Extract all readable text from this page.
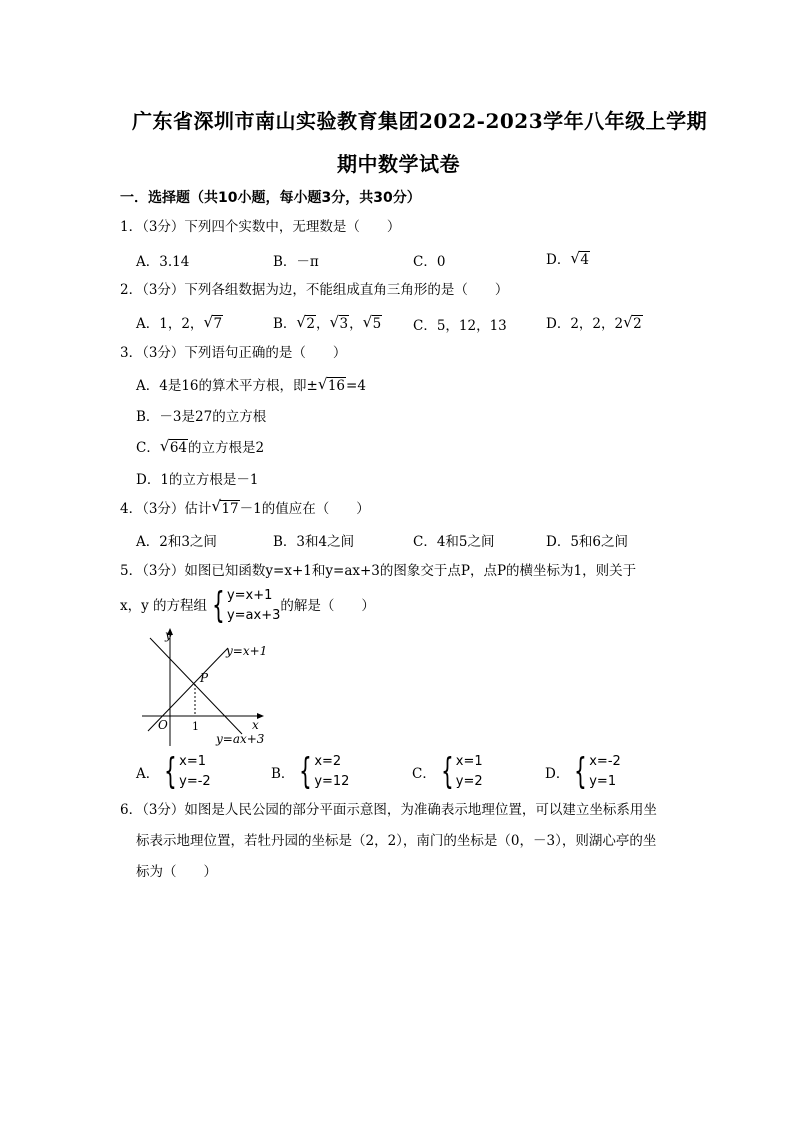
广东省深圳市南山实验教育集团2022-2023学年八年级上学期
期中数学试卷
一．选择题（共10小题，每小题3分，共30分）
1．（3分）下列四个实数中，无理数是（　　）
A．3.14	B．－π	C．0	D． √ 4
2．（3分）下列各组数据为边，不能组成直角三角形的是（　　）
A．1，2， √ 7	B． √ 2， √ 3， √ 5 C．5，12，13	D．2，2，2 √ 2
3．（3分）下列语句正确的是（　　）
A．4是16的算术平方根，即± √ 16=4
B．－3是27的立方根
C． √ 64的立方根是2
D．1的立方根是－1
4．（3分）估计 √ 17－1的值应在（　　）
A．2和3之间	B．3和4之间	C．4和5之间	D．5和6之间
5．（3分）如图已知函数y=x+1和y=ax+3的图象交于点P，点P的横坐标为1，则关于
x，y 的方程组 { y=x+1
y=ax+3
的解是（　　）
y
x
O 1
P
y=x+1
y=ax+3
A． { x=1
y=-2	B． { x=2
y=12	C． { x=1
y=2	D． { x=-2
y=1
6．（3分）如图是人民公园的部分平面示意图，为准确表示地理位置，可以建立坐标系用坐
标表示地理位置，若牡丹园的坐标是（2，2），南门的坐标是（0，－3），则湖心亭的坐
标为（　　）
